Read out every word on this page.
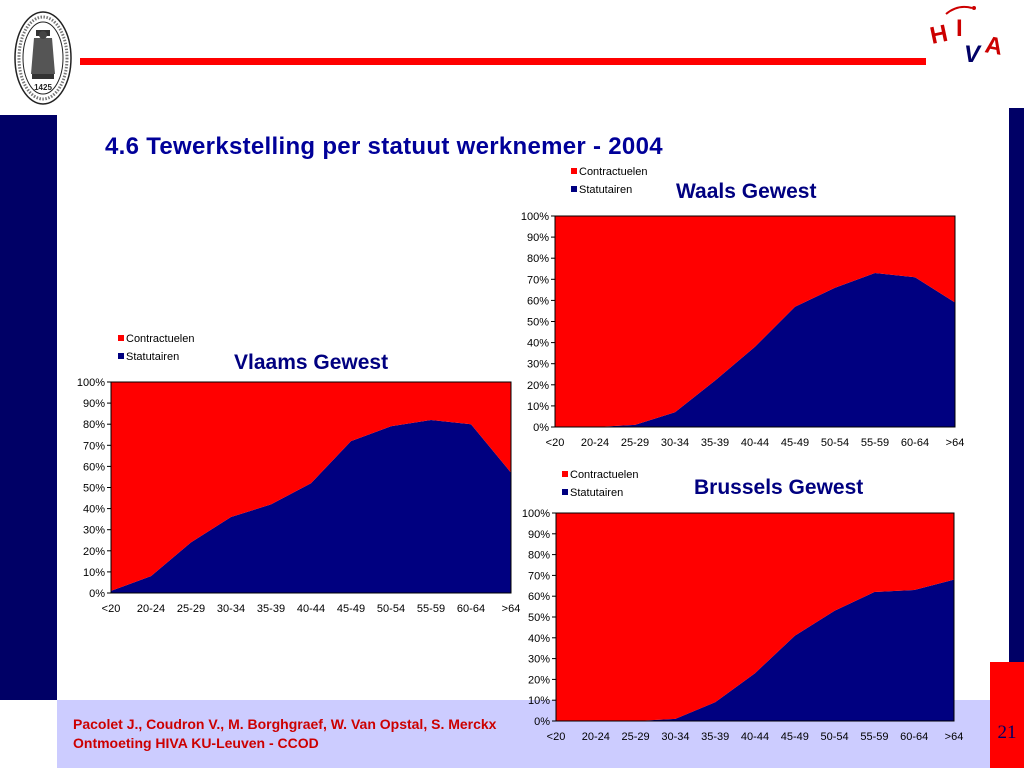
21
1425
H I
V A
4.6 Tewerkstelling per statuut werknemer - 2004
0%
10%
20%
30%
40%
50%
60%
70%
80%
90%
100%
<20 20-24 25-29 30-34 35-39 40-44 45-49 50-54 55-59 60-64 >64
Vlaams Gewest
Contractuelen
Statutairen
0%
10%
20%
30%
40%
50%
60%
70%
80%
90%
100%
<20 20-24 25-29 30-34 35-39 40-44 45-49 50-54 55-59 60-64 >64
Waals Gewest
Contractuelen
Statutairen
0%
10%
20%
30%
40%
50%
60%
70%
80%
90%
100%
<20 20-24 25-29 30-34 35-39 40-44 45-49 50-54 55-59 60-64 >64
Brussels Gewest
Contractuelen
Statutairen
Pacolet J., Coudron V., M. Borghgraef, W. Van Opstal, S. Merckx
Ontmoeting HIVA KU-Leuven - CCOD
